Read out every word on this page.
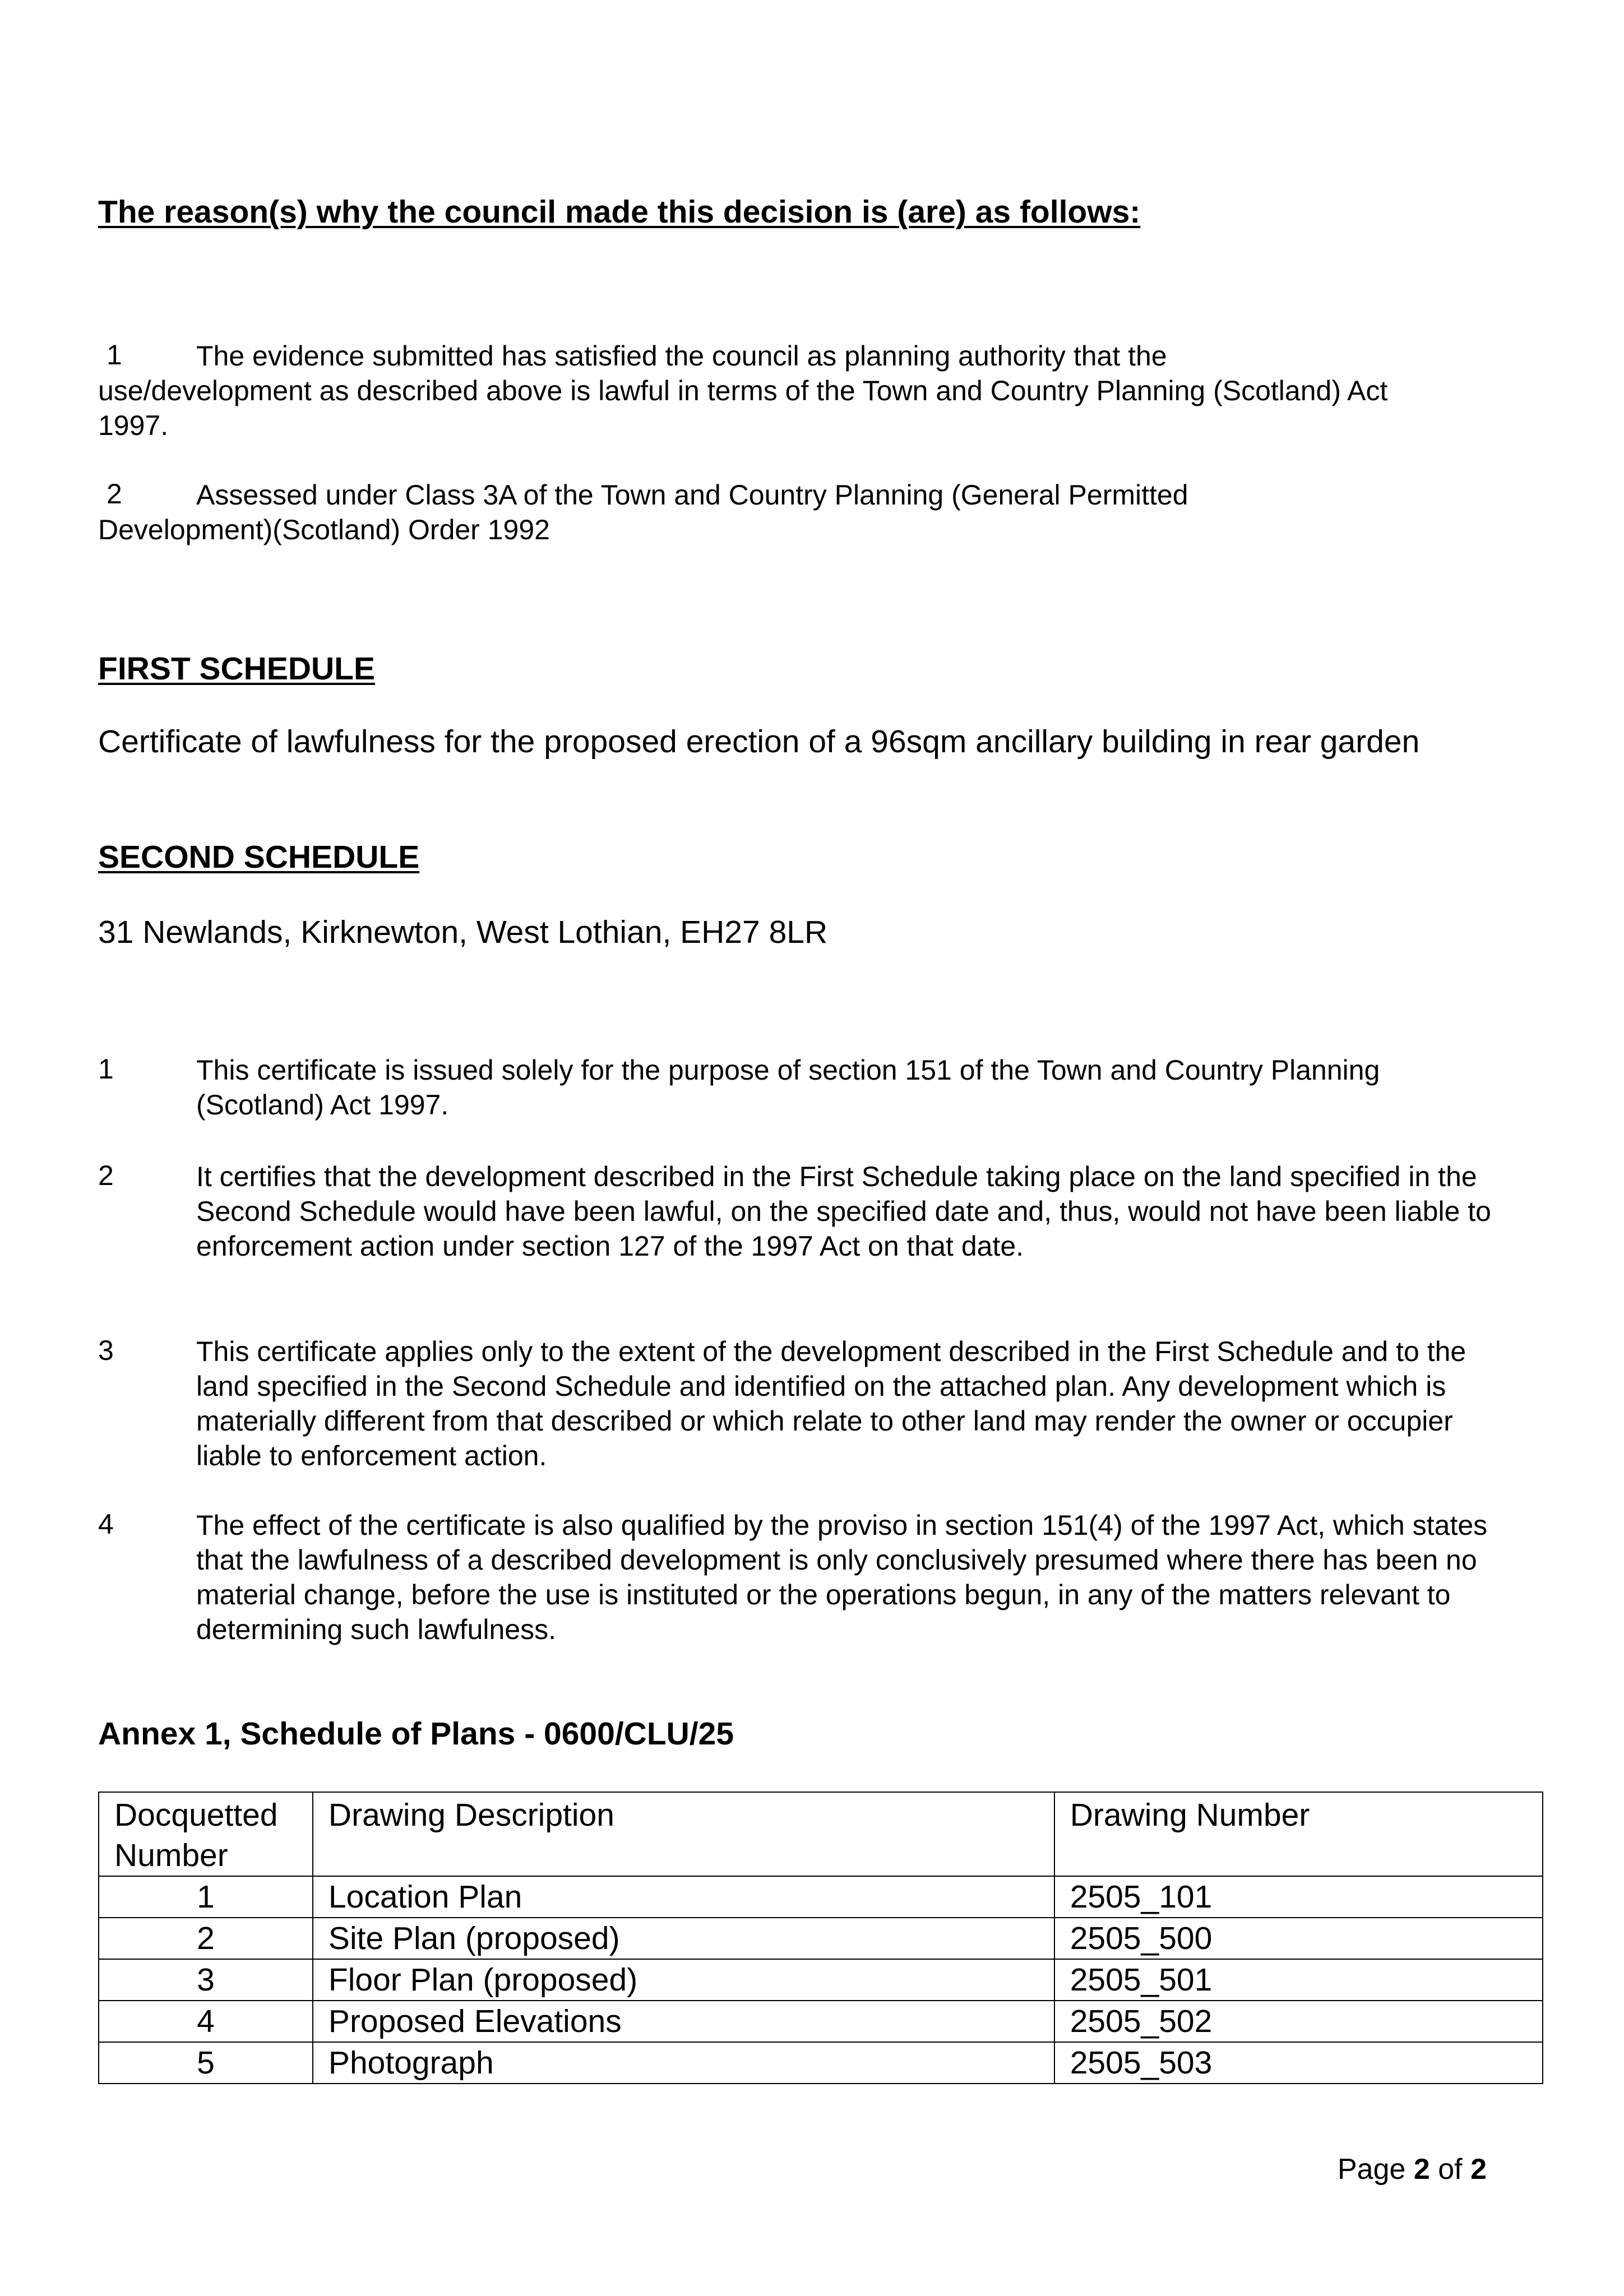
The reason(s) why the council made this decision is (are) as follows:
1	The evidence submitted has satisfied the council as planning authority that the
use/development as described above is lawful in terms of the Town and Country Planning (Scotland) Act 1997.
2	Assessed under Class 3A of the Town and Country Planning (General Permitted
Development)(Scotland) Order 1992
FIRST SCHEDULE
Certificate of lawfulness for the proposed erection of a 96sqm ancillary building in rear garden
SECOND SCHEDULE
31 Newlands, Kirknewton, West Lothian, EH27 8LR
1	This certificate is issued solely for the purpose of section 151 of the Town and Country Planning (Scotland) Act 1997.
2	It certifies that the development described in the First Schedule taking place on the land specified in the Second Schedule would have been lawful, on the specified date and, thus, would not have been liable to enforcement action under section 127 of the 1997 Act on that date.
3	This certificate applies only to the extent of the development described in the First Schedule and to the land specified in the Second Schedule and identified on the attached plan. Any development which is materially different from that described or which relate to other land may render the owner or occupier liable to enforcement action.
4	The effect of the certificate is also qualified by the proviso in section 151(4) of the 1997 Act, which states that the lawfulness of a described development is only conclusively presumed where there has been no material change, before the use is instituted or the operations begun, in any of the matters relevant to determining such lawfulness.
Annex 1, Schedule of Plans - 0600/CLU/25
Docquetted Number	Drawing Description	Drawing Number
1	Location Plan	2505_101
2	Site Plan (proposed)	2505_500
3	Floor Plan (proposed)	2505_501
4	Proposed Elevations	2505_502
5	Photograph	2505_503
Page 2 of 2
